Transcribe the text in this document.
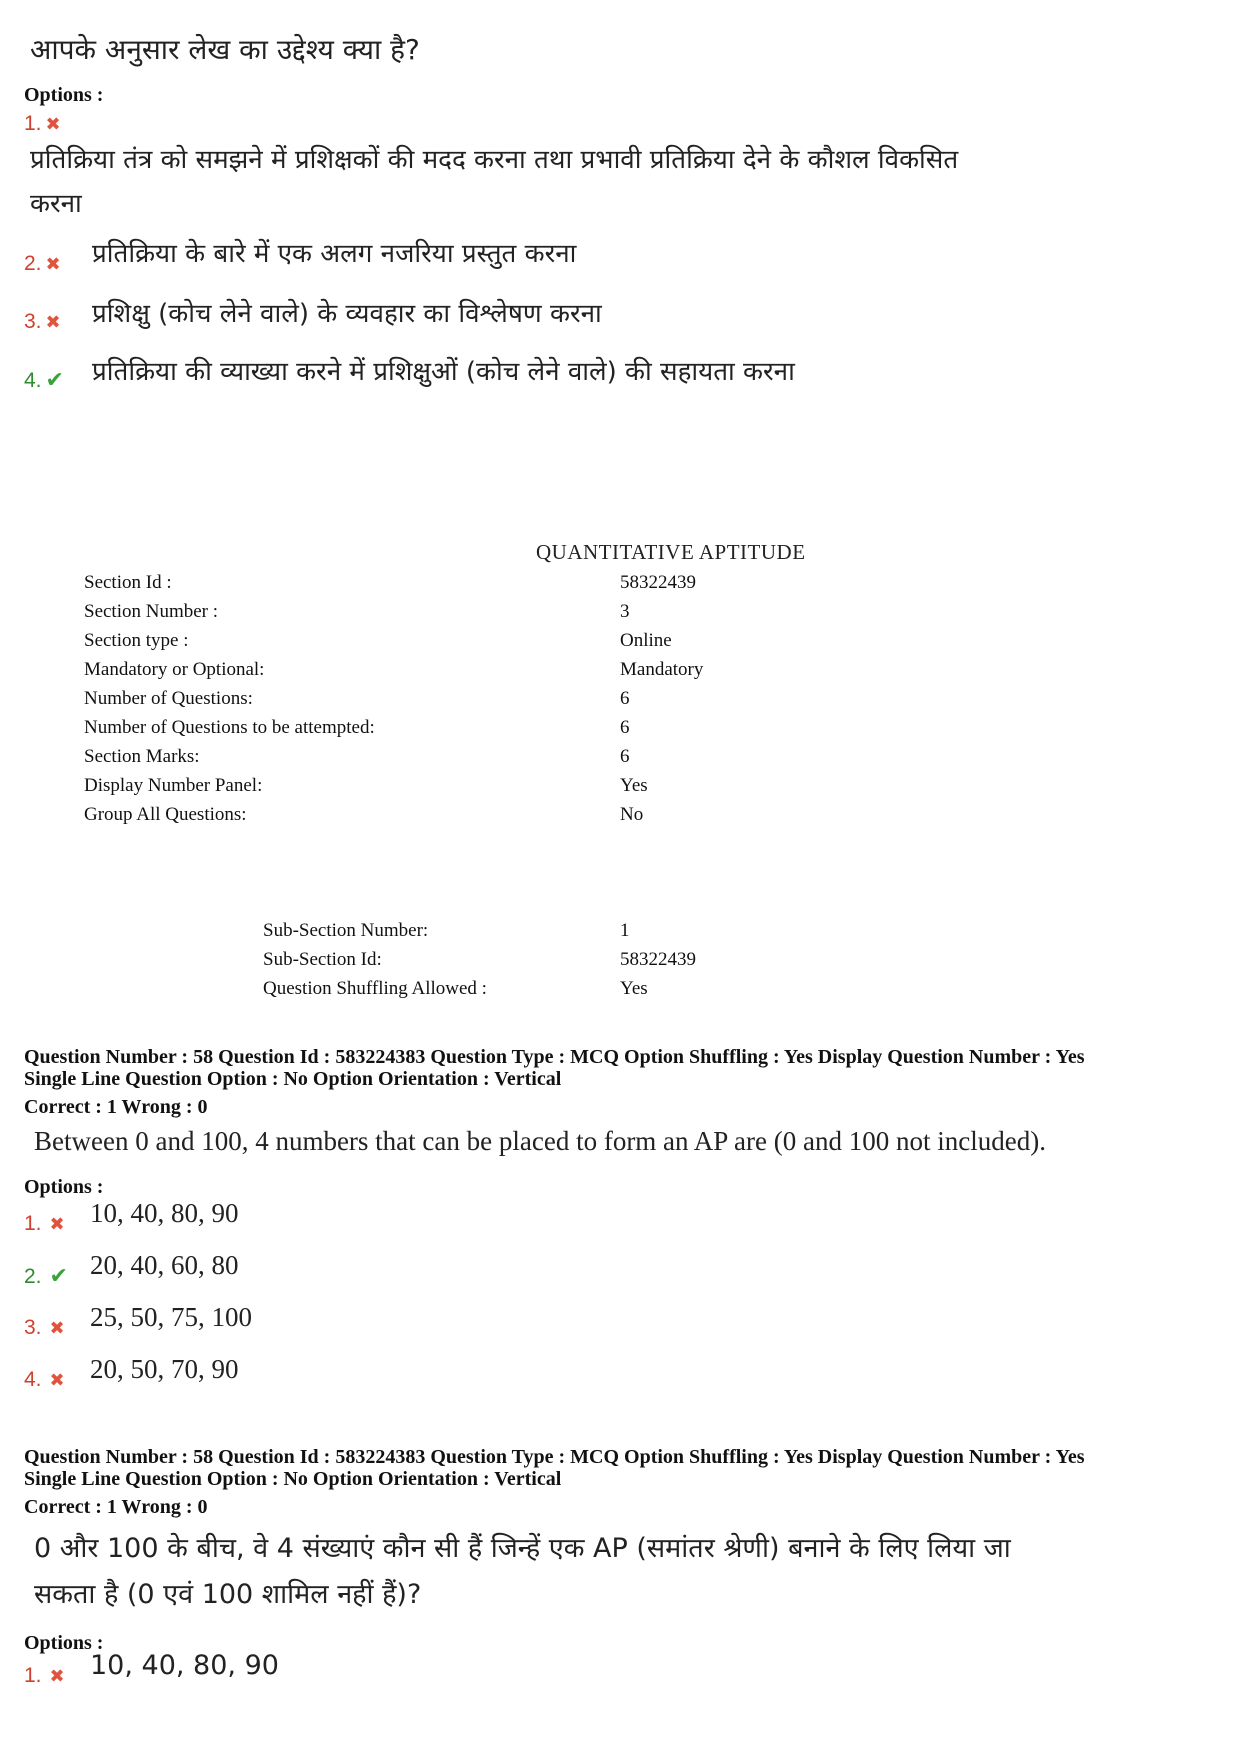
आपके अनुसार लेख का उद्देश्य क्या है?
Options :
1. ✖
प्रतिक्रिया तंत्र को समझने में प्रशिक्षकों की मदद करना तथा प्रभावी प्रतिक्रिया देने के कौशल विकसित
करना
2. ✖ प्रतिक्रिया के बारे में एक अलग नजरिया प्रस्तुत करना
3. ✖ प्रशिक्षु (कोच लेने वाले) के व्यवहार का विश्लेषण करना
4. ✔ प्रतिक्रिया की व्याख्या करने में प्रशिक्षुओं (कोच लेने वाले) की सहायता करना
QUANTITATIVE APTITUDE
Section Id :	58322439
Section Number :	3
Section type :	Online
Mandatory or Optional:	Mandatory
Number of Questions:	6
Number of Questions to be attempted:	6
Section Marks:	6
Display Number Panel:	Yes
Group All Questions:	No
Sub-Section Number:	1
Sub-Section Id:	58322439
Question Shuffling Allowed :	Yes
Question Number : 58 Question Id : 583224383 Question Type : MCQ Option Shuffling : Yes Display Question Number : Yes
Single Line Question Option : No Option Orientation : Vertical
Correct : 1 Wrong : 0
Between 0 and 100, 4 numbers that can be placed to form an AP are (0 and 100 not included).
Options :
1. ✖ 10, 40, 80, 90
2. ✔ 20, 40, 60, 80
3. ✖ 25, 50, 75, 100
4. ✖ 20, 50, 70, 90
Question Number : 58 Question Id : 583224383 Question Type : MCQ Option Shuffling : Yes Display Question Number : Yes
Single Line Question Option : No Option Orientation : Vertical
Correct : 1 Wrong : 0
0 और 100 के बीच, वे 4 संख्याएं कौन सी हैं जिन्हें एक AP (समांतर श्रेणी) बनाने के लिए लिया जा
सकता है (0 एवं 100 शामिल नहीं हैं)?
Options :
1. ✖ 10, 40, 80, 90
